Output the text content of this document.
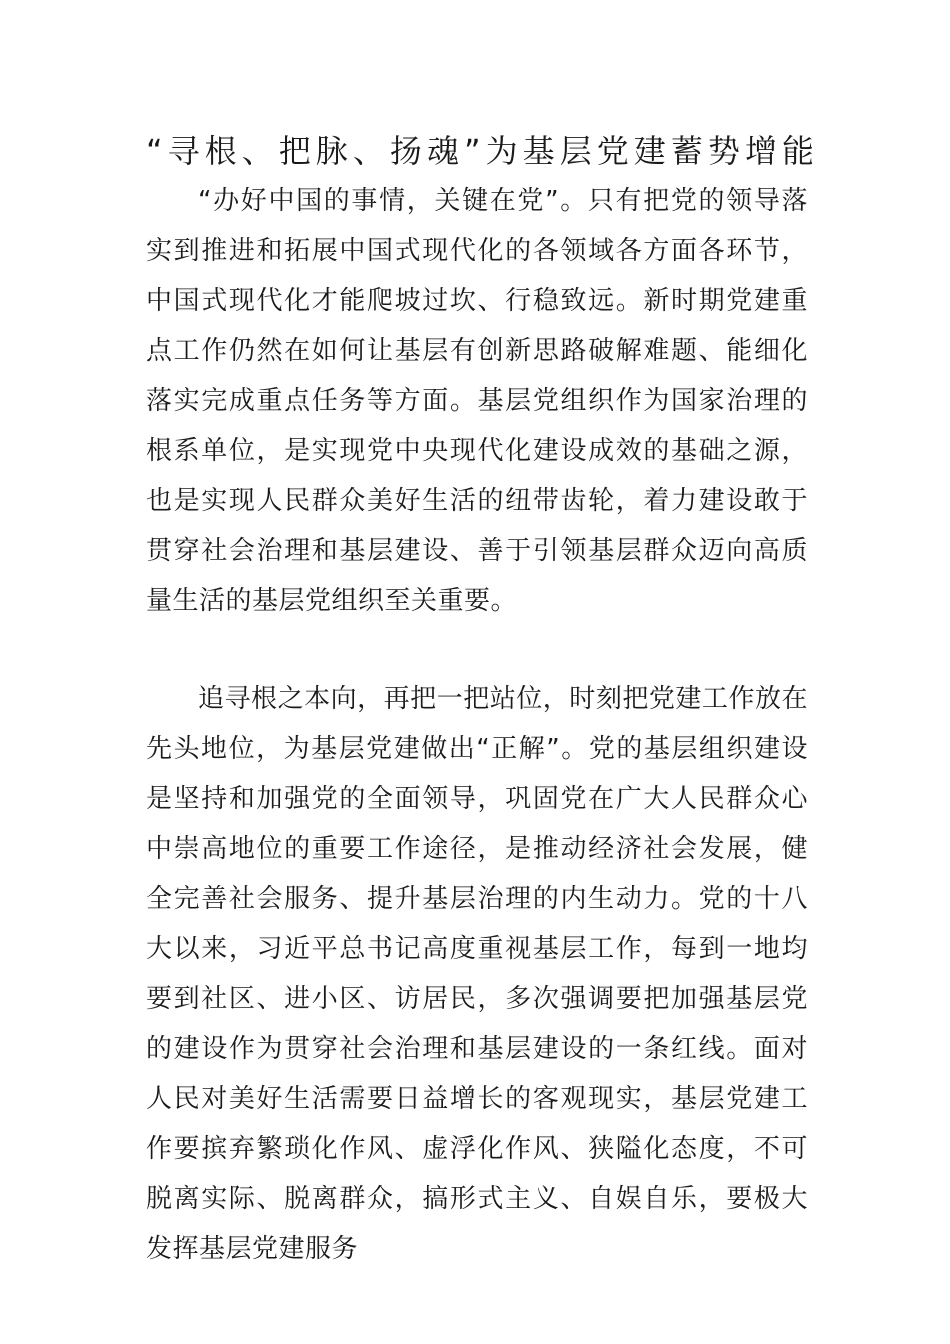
“寻根、把脉、扬魂”为基层党建蓄势增能

“办好中国的事情，关键在党”。只有把党的领导落实到推进和拓展中国式现代化的各领域各方面各环节，中国式现代化才能爬坡过坎、行稳致远。新时期党建重点工作仍然在如何让基层有创新思路破解难题、能细化落实完成重点任务等方面。基层党组织作为国家治理的根系单位，是实现党中央现代化建设成效的基础之源，也是实现人民群众美好生活的纽带齿轮，着力建设敢于贯穿社会治理和基层建设、善于引领基层群众迈向高质量生活的基层党组织至关重要。

追寻根之本向，再把一把站位，时刻把党建工作放在先头地位，为基层党建做出“正解”。党的基层组织建设是坚持和加强党的全面领导，巩固党在广大人民群众心中崇高地位的重要工作途径，是推动经济社会发展，健全完善社会服务、提升基层治理的内生动力。党的十八大以来，习近平总书记高度重视基层工作，每到一地均要到社区、进小区、访居民，多次强调要把加强基层党的建设作为贯穿社会治理和基层建设的一条红线。面对人民对美好生活需要日益增长的客观现实，基层党建工作要摈弃繁琐化作风、虚浮化作风、狭隘化态度，不可脱离实际、脱离群众，搞形式主义、自娱自乐，要极大发挥基层党建服务
